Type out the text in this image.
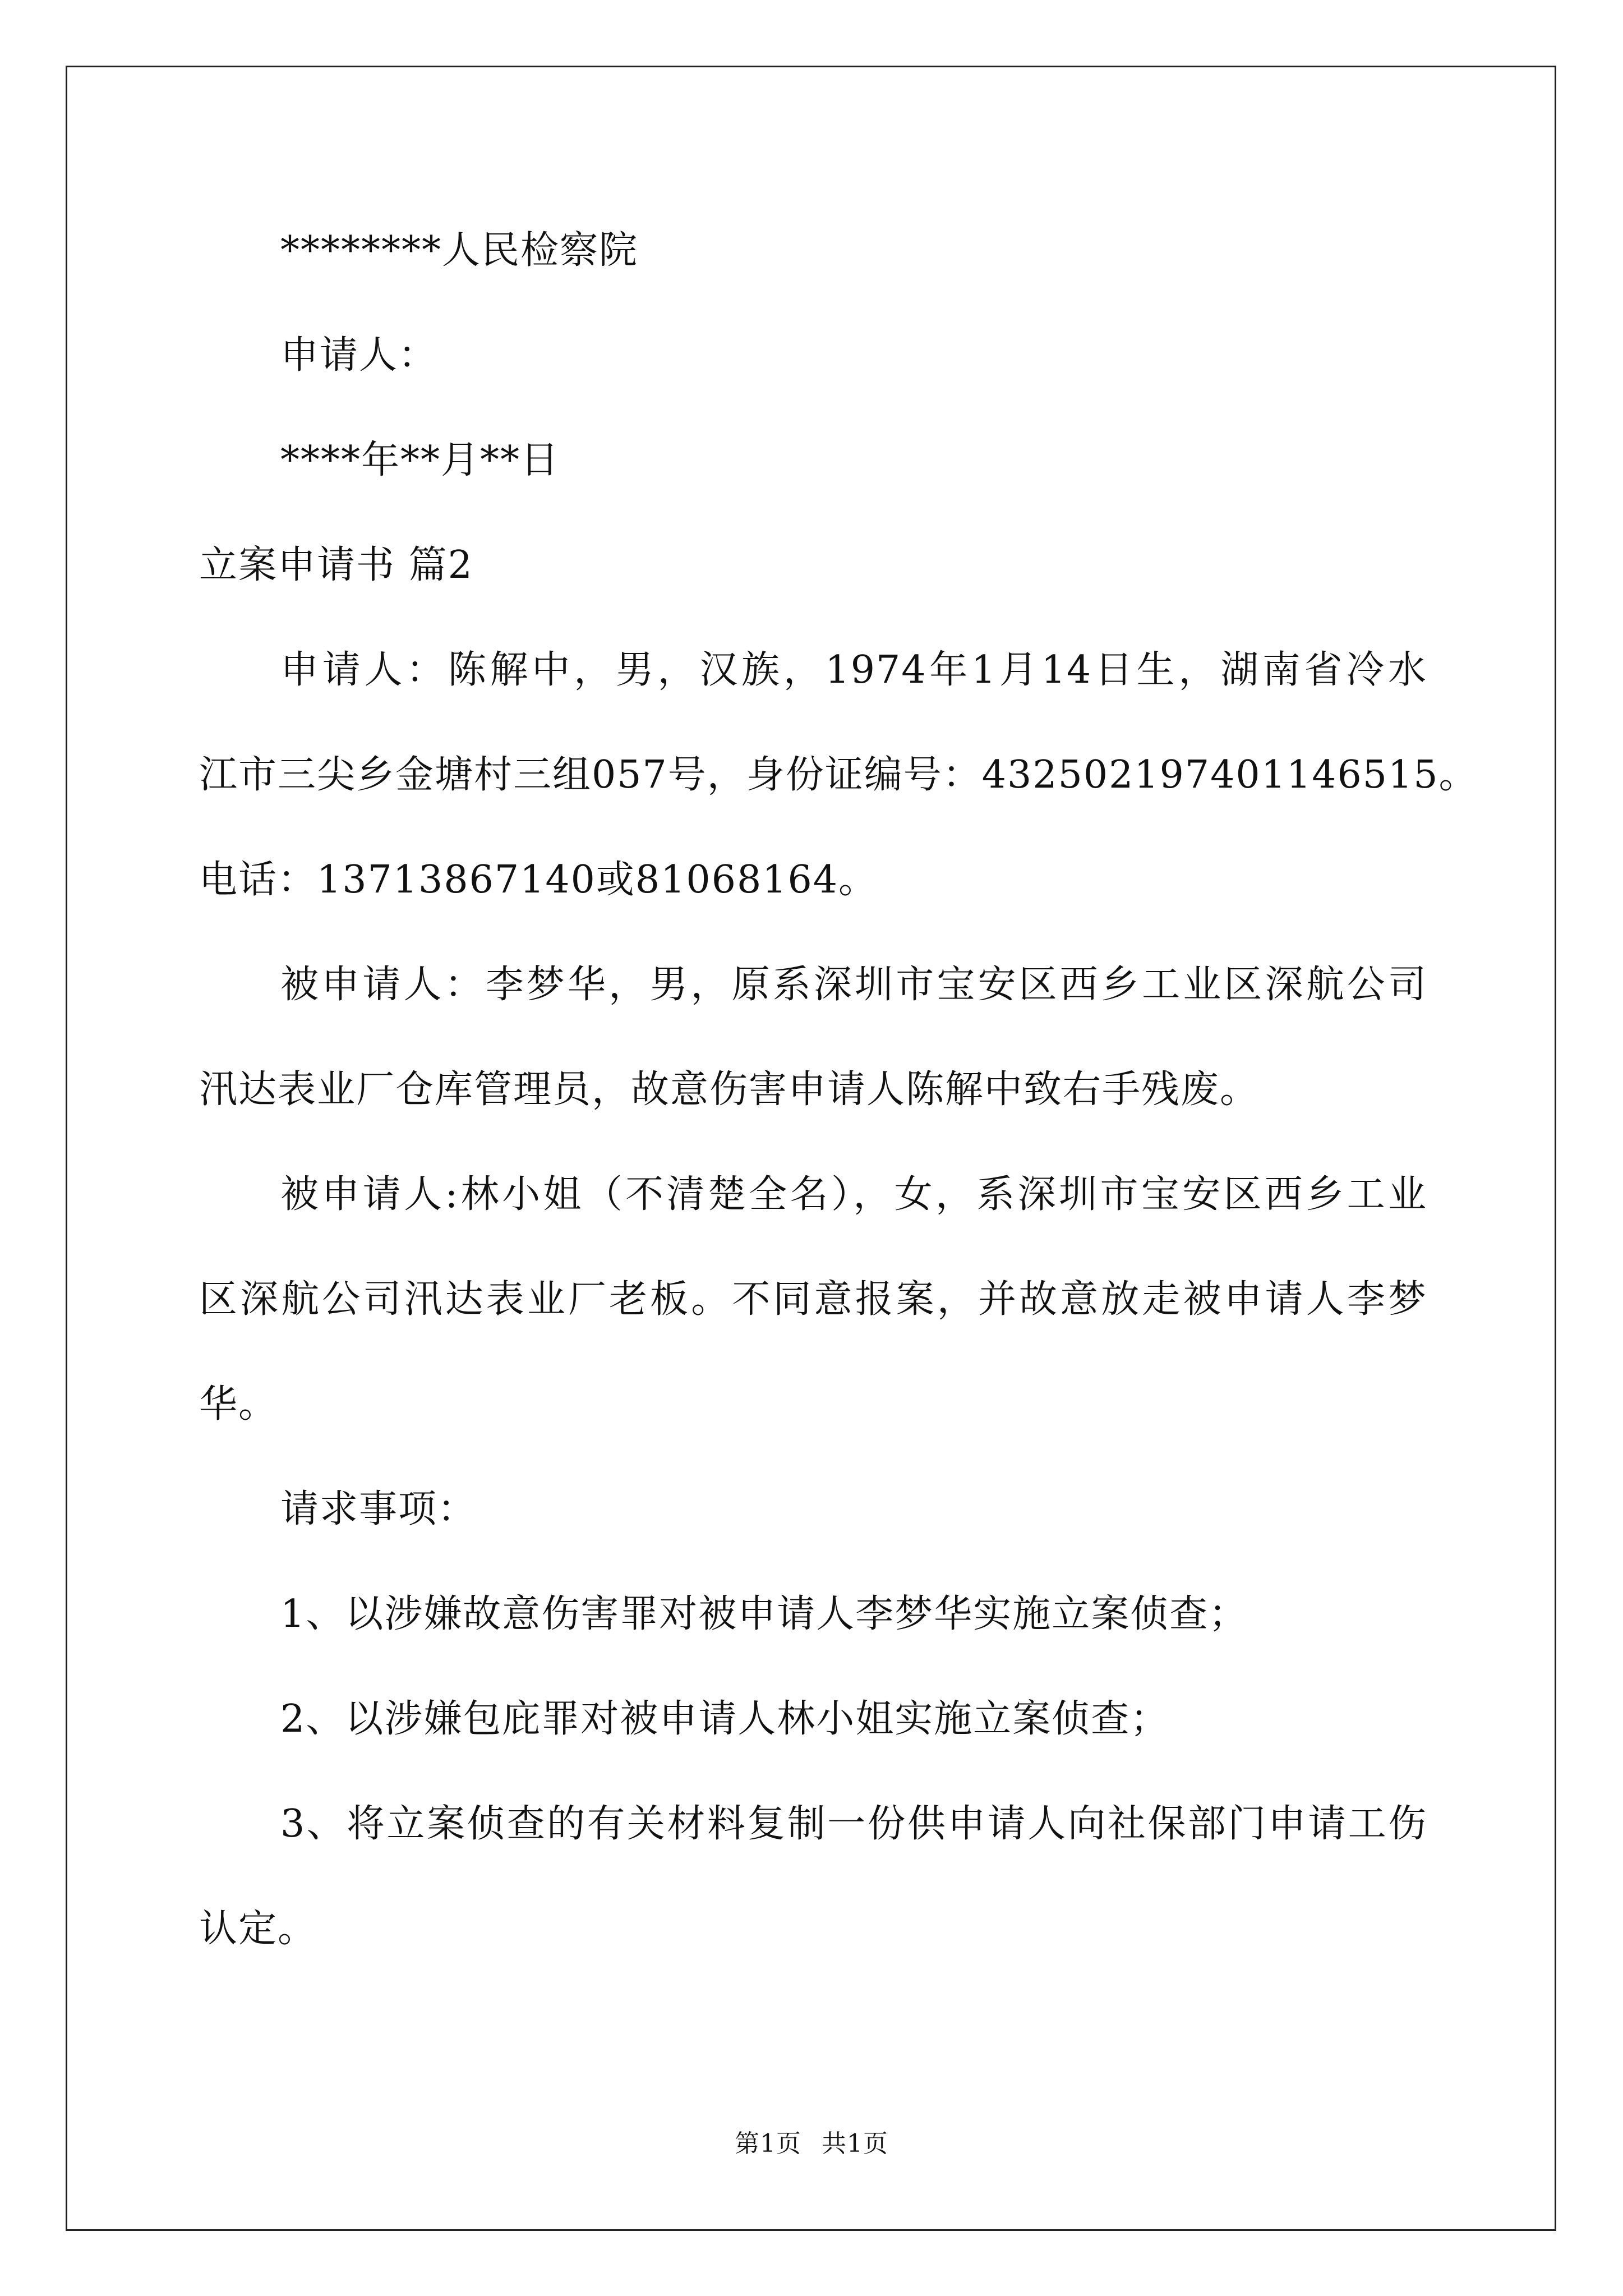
********人民检察院
申请人：
****年**月**日
立案申请书 篇2
申请人：陈解中，男，汉族，1974年1月14日生，湖南省冷水
江市三尖乡金塘村三组057号，身份证编号：432502197401146515。
电话：13713867140或81068164。
被申请人：李梦华，男，原系深圳市宝安区西乡工业区深航公司
汛达表业厂仓库管理员，故意伤害申请人陈解中致右手残废。
被申请人:林小姐（不清楚全名），女，系深圳市宝安区西乡工业
区深航公司汛达表业厂老板。不同意报案，并故意放走被申请人李梦
华。
请求事项：
1、以涉嫌故意伤害罪对被申请人李梦华实施立案侦查；
2、以涉嫌包庇罪对被申请人林小姐实施立案侦查；
3、将立案侦查的有关材料复制一份供申请人向社保部门申请工伤
认定。
第1页 共1页
